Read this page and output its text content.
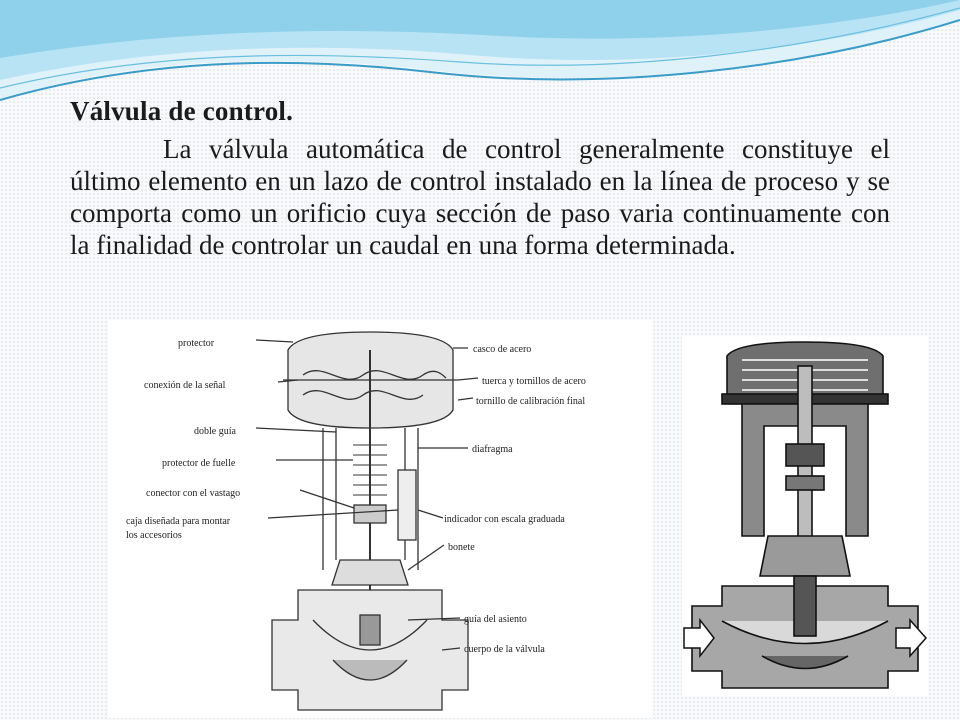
Válvula de control.

La válvula automática de control generalmente constituye el último elemento en un lazo de control instalado en la línea de proceso y se comporta como un orificio cuya sección de paso varia continuamente con la finalidad de controlar un caudal en una forma determinada.

protector
conexión de la señal
doble guía
protector de fuelle
conector con el vastago
caja diseñada para montar
los accesorios
casco de acero
tuerca y tornillos de acero
tornillo de calibración final
diafragma
indicador con escala graduada
bonete
guía del asiento
cuerpo de la válvula
